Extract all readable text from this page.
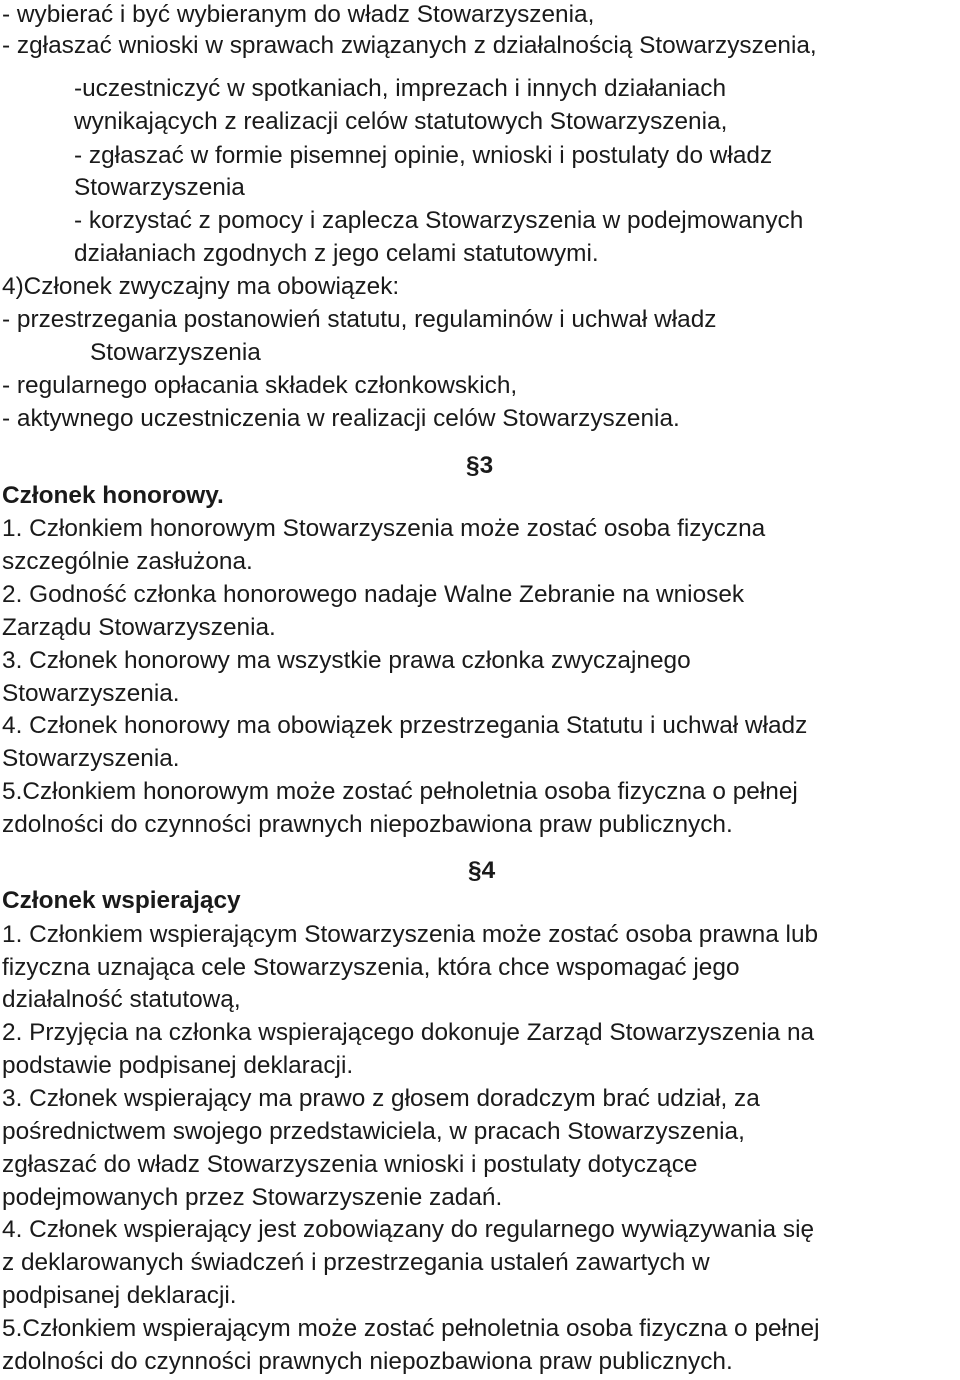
- wybierać i być wybieranym do władz Stowarzyszenia,
- zgłaszać wnioski w sprawach związanych z działalnością Stowarzyszenia,
-uczestniczyć w spotkaniach, imprezach i innych działaniach
wynikających z realizacji celów statutowych Stowarzyszenia,
- zgłaszać w formie pisemnej opinie, wnioski i postulaty do władz
Stowarzyszenia
- korzystać z pomocy i zaplecza Stowarzyszenia w podejmowanych
działaniach zgodnych z jego celami statutowymi.
4)Członek zwyczajny ma obowiązek:
- przestrzegania postanowień statutu, regulaminów i uchwał władz
Stowarzyszenia
- regularnego opłacania składek członkowskich,
- aktywnego uczestniczenia w realizacji celów Stowarzyszenia.
§3
Członek honorowy.
1. Członkiem honorowym Stowarzyszenia może zostać osoba fizyczna
szczególnie zasłużona.
2. Godność członka honorowego nadaje Walne Zebranie na wniosek
Zarządu Stowarzyszenia.
3. Członek honorowy ma wszystkie prawa członka zwyczajnego
Stowarzyszenia.
4. Członek honorowy ma obowiązek przestrzegania Statutu i uchwał władz
Stowarzyszenia.
5.Członkiem honorowym może zostać pełnoletnia osoba fizyczna o pełnej
zdolności do czynności prawnych niepozbawiona praw publicznych.
§4
Członek wspierający
1. Członkiem wspierającym Stowarzyszenia może zostać osoba prawna lub
fizyczna uznająca cele Stowarzyszenia, która chce wspomagać jego
działalność statutową,
2. Przyjęcia na członka wspierającego dokonuje Zarząd Stowarzyszenia na
podstawie podpisanej deklaracji.
3. Członek wspierający ma prawo z głosem doradczym brać udział, za
pośrednictwem swojego przedstawiciela, w pracach Stowarzyszenia,
zgłaszać do władz Stowarzyszenia wnioski i postulaty dotyczące
podejmowanych przez Stowarzyszenie zadań.
4. Członek wspierający jest zobowiązany do regularnego wywiązywania się
z deklarowanych świadczeń i przestrzegania ustaleń zawartych w
podpisanej deklaracji.
5.Członkiem wspierającym może zostać pełnoletnia osoba fizyczna o pełnej
zdolności do czynności prawnych niepozbawiona praw publicznych.
